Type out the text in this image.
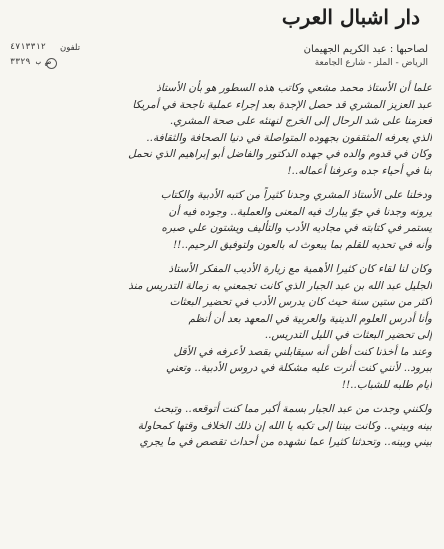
دار اشبال العرب
لصاحبها : عبد الكريم الجهيمان
الرياض - الملز - شارع الجامعة
تلفون
٤٧١٣٣١٢
ص ب ٣٣٢٩
علما أن الأستاذ محمد مشعي وكاتب هذه السطور هو بأن الأستاذ
عبد العزيز المشري قد حصل الإجدة بعد إجراء عملية ناجحة في أمريكا
فعزمنا على شد الرحال إلى الخرج لنهنئه على صحة المشري.
الذي يعرفه المثقفون بجهوده المتواصلة في دنيا الصحافة والثقافة..
وكان في قدوم والده في جهده الدكتور والفاضل أبو إبراهيم الذي نحمل
بنا في أحياء جده وعرفنا أعماله..!
ودخلنا على الأستاذ المشري وجدنا كثيراً من كتبه الأدبية والكتاب
يرونه وجدنا في جوّ يبارك فيه المعنى والعملية.. وجوده فيه أن
يستمر في كتابته في مجاديه الأدب والتأليف ويشتون علي صبره
وأنه في تحديه للقلم بما يبعوث له بالعون ولتوفيق الرحيم..!!
وكان لنا لقاء كان كثيرا الأهمية مع زيارة الأديب المفكر الأستاذ
الجليل عبد الله بن عبد الجبار الذي كانت تجمعني به زمالة التدريس منذ
أكثر من ستين سنة حيث كان يدرس الأدب في تحضير البعثات
وأنا أدرس العلوم الدينية والعربية في المعهد بعد أن أنظم
إلى تحضير البعثات في الليل التدريس..
وعند ما أخذنا كنت أظن أنه سيقابلني بقصد لأعرفه في الأقل
ببرود.. لأنني كنت أثرت عليه مشكلة في دروس الأدبية.. وتعني
أيام طلبه للشباب..!!
ولكنني وجدت من عبد الجبار بسمة أكبر مما كنت أتوقعه.. وتبحث
بينه وبيني.. وكانت بيننا إلى تكبه يا الله إن ذلك الخلاف وقتها كمحاولة
بيني وبينه.. وتحدثنا كثيرا عما نشهده من أحداث تقصص في ما يجري
